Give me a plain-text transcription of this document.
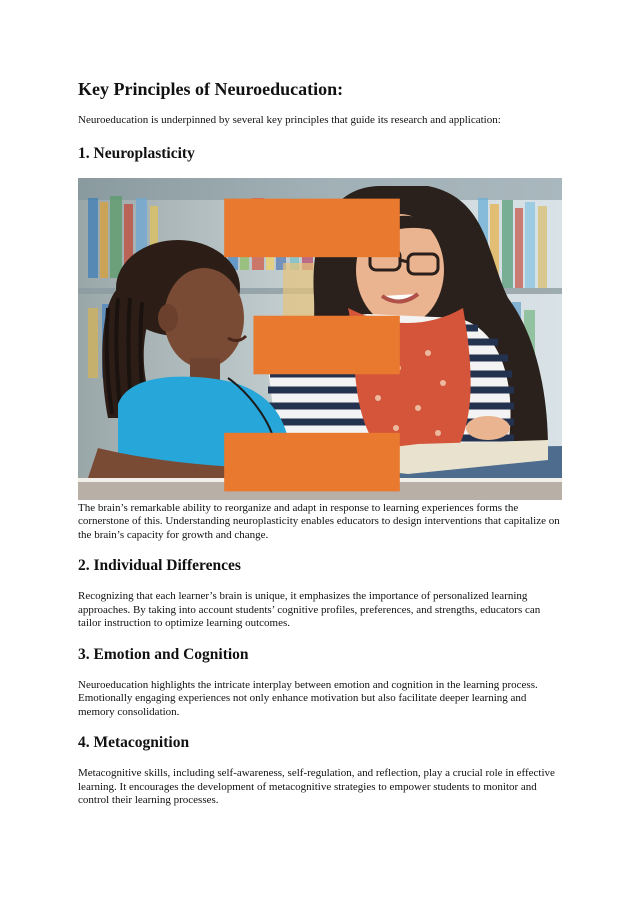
Key Principles of Neuroeducation:

Neuroeducation is underpinned by several key principles that guide its research and application:

1. Neuroplasticity

The brain’s remarkable ability to reorganize and adapt in response to learning experiences forms the cornerstone of this. Understanding neuroplasticity enables educators to design interventions that capitalize on the brain’s capacity for growth and change.

2. Individual Differences

Recognizing that each learner’s brain is unique, it emphasizes the importance of personalized learning approaches. By taking into account students’ cognitive profiles, preferences, and strengths, educators can tailor instruction to optimize learning outcomes.

3. Emotion and Cognition

Neuroeducation highlights the intricate interplay between emotion and cognition in the learning process. Emotionally engaging experiences not only enhance motivation but also facilitate deeper learning and memory consolidation.

4. Metacognition

Metacognitive skills, including self-awareness, self-regulation, and reflection, play a crucial role in effective learning. It encourages the development of metacognitive strategies to empower students to monitor and control their learning processes.
